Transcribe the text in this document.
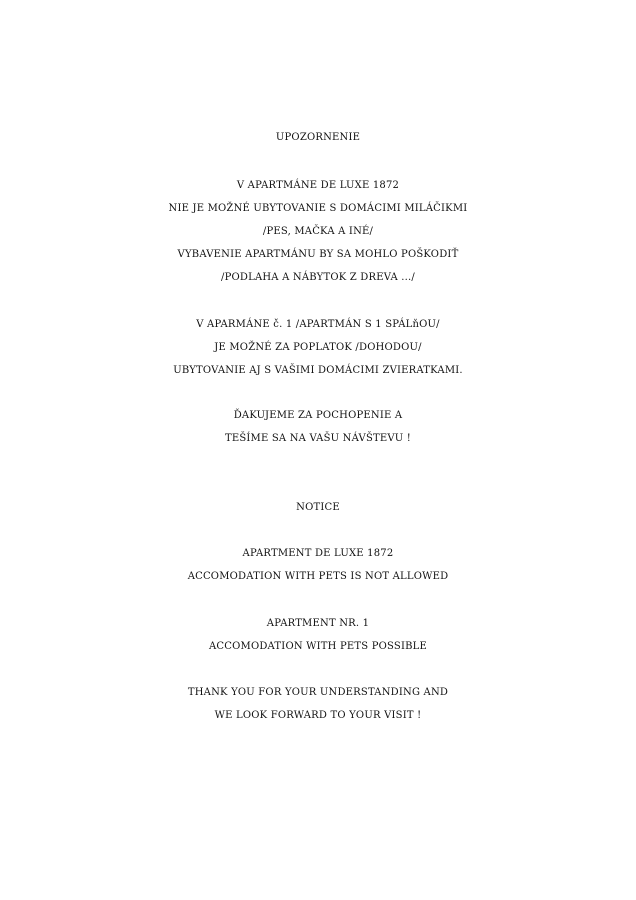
UPOZORNENIE
V APARTMÁNE DE LUXE 1872
NIE JE MOŽNÉ UBYTOVANIE S DOMÁCIMI MILÁČIKMI
/PES, MAČKA A INÉ/
VYBAVENIE APARTMÁNU BY SA MOHLO POŠKODIŤ
/PODLAHA A NÁBYTOK Z DREVA .../
V APARMÁNE č. 1 /APARTMÁN S 1 SPÁLňOU/
JE MOŽNÉ ZA POPLATOK /DOHODOU/
UBYTOVANIE AJ S VAŠIMI DOMÁCIMI ZVIERATKAMI.
ĎAKUJEME ZA POCHOPENIE A
TEŠÍME SA NA VAŠU NÁVŠTEVU !
NOTICE
APARTMENT DE LUXE 1872
ACCOMODATION WITH PETS IS NOT ALLOWED
APARTMENT NR. 1
ACCOMODATION WITH PETS POSSIBLE
THANK YOU FOR YOUR UNDERSTANDING AND
WE LOOK FORWARD TO YOUR VISIT !
